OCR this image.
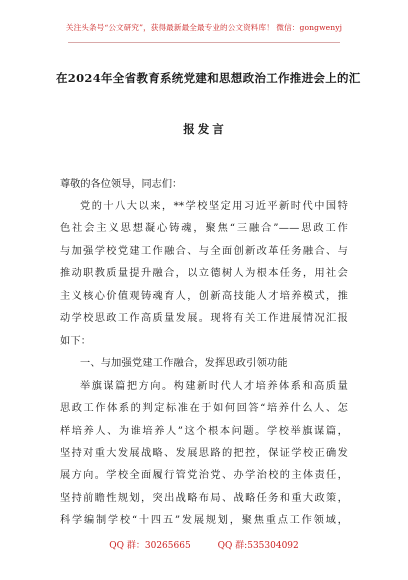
关注头条号“公文研究”，获得最新最全最专业的公文资料库！ 微信：gongwenyj
在2024年全省教育系统党建和思想政治工作推进会上的汇
报发言
尊敬的各位领导，同志们：
党的十八大以来，**学校坚定用习近平新时代中国特
色社会主义思想凝心铸魂，聚焦“三融合”——思政工作
与加强学校党建工作融合、与全面创新改革任务融合、与
推动职教质量提升融合，以立德树人为根本任务，用社会
主义核心价值观铸魂育人，创新高技能人才培养模式，推
动学校思政工作高质量发展。现将有关工作进展情况汇报
如下：
一、与加强党建工作融合，发挥思政引领功能
举旗谋篇把方向。构建新时代人才培养体系和高质量
思政工作体系的判定标准在于如何回答“培养什么人、怎
样培养人、为谁培养人”这个根本问题。学校举旗谋篇，
坚持对重大发展战略、发展思路的把控，保证学校正确发
展方向。学校全面履行管党治党、办学治校的主体责任，
坚持前瞻性规划，突出战略布局、战略任务和重大政策，
科学编制学校“十四五”发展规划，聚焦重点工作领域，
QQ 群：30265665	QQ 群:535304092
